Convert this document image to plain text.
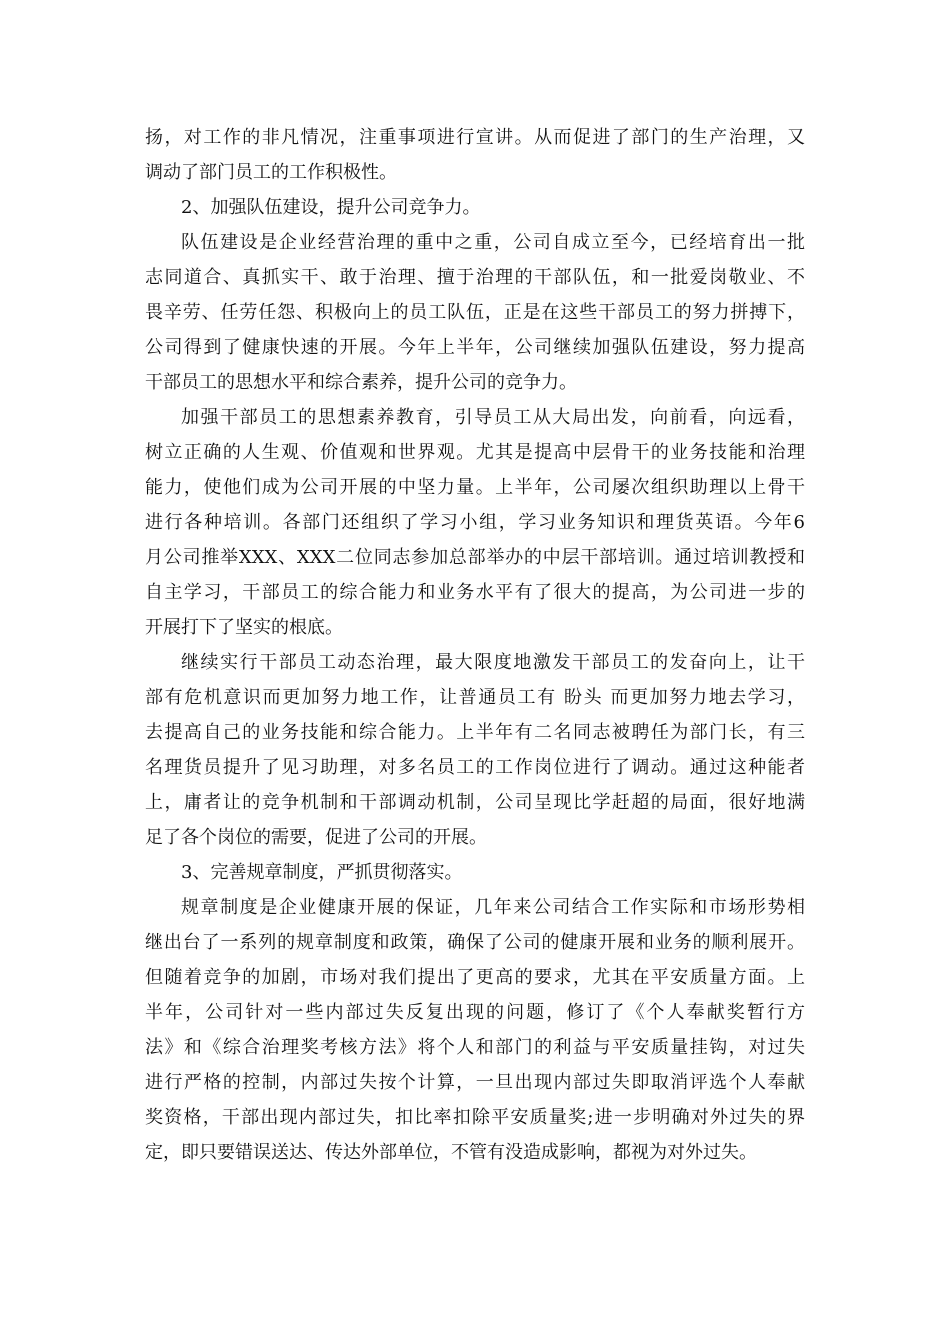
扬，对工作的非凡情况，注重事项进行宣讲。从而促进了部门的生产治理，又
调动了部门员工的工作积极性。
2、加强队伍建设，提升公司竞争力。
队伍建设是企业经营治理的重中之重，公司自成立至今，已经培育出一批
志同道合、真抓实干、敢于治理、擅于治理的干部队伍，和一批爱岗敬业、不
畏辛劳、任劳任怨、积极向上的员工队伍，正是在这些干部员工的努力拼搏下，
公司得到了健康快速的开展。今年上半年，公司继续加强队伍建设，努力提高
干部员工的思想水平和综合素养，提升公司的竞争力。
加强干部员工的思想素养教育，引导员工从大局出发，向前看，向远看，
树立正确的人生观、价值观和世界观。尤其是提高中层骨干的业务技能和治理
能力，使他们成为公司开展的中坚力量。上半年，公司屡次组织助理以上骨干
进行各种培训。各部门还组织了学习小组，学习业务知识和理货英语。今年6
月公司推举XXX、XXX二位同志参加总部举办的中层干部培训。通过培训教授和
自主学习，干部员工的综合能力和业务水平有了很大的提高，为公司进一步的
开展打下了坚实的根底。
继续实行干部员工动态治理，最大限度地激发干部员工的发奋向上，让干
部有危机意识而更加努力地工作，让普通员工有 盼头 而更加努力地去学习，
去提高自己的业务技能和综合能力。上半年有二名同志被聘任为部门长，有三
名理货员提升了见习助理，对多名员工的工作岗位进行了调动。通过这种能者
上，庸者让的竞争机制和干部调动机制，公司呈现比学赶超的局面，很好地满
足了各个岗位的需要，促进了公司的开展。
3、完善规章制度，严抓贯彻落实。
规章制度是企业健康开展的保证，几年来公司结合工作实际和市场形势相
继出台了一系列的规章制度和政策，确保了公司的健康开展和业务的顺利展开。
但随着竞争的加剧，市场对我们提出了更高的要求，尤其在平安质量方面。上
半年，公司针对一些内部过失反复出现的问题，修订了《个人奉献奖暂行方
法》和《综合治理奖考核方法》将个人和部门的利益与平安质量挂钩，对过失
进行严格的控制，内部过失按个计算，一旦出现内部过失即取消评选个人奉献
奖资格，干部出现内部过失，扣比率扣除平安质量奖;进一步明确对外过失的界
定，即只要错误送达、传达外部单位，不管有没造成影响，都视为对外过失。
